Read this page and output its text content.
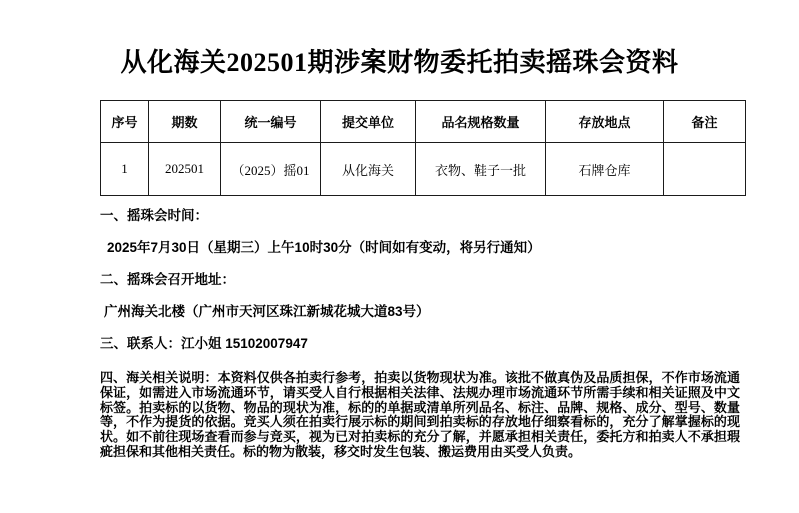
从化海关202501期涉案财物委托拍卖摇珠会资料
序号	期数	统一编号	提交单位	品名规格数量	存放地点	备注
1	202501	（2025）摇01	从化海关	衣物、鞋子一批	石牌仓库	
一、摇珠会时间：
2025年7月30日（星期三）上午10时30分（时间如有变动，将另行通知）
二、摇珠会召开地址：
广州海关北楼（广州市天河区珠江新城花城大道83号）
三、联系人：江小姐 15102007947

四、海关相关说明：本资料仅供各拍卖行参考，拍卖以货物现状为准。该批不做真伪及品质担保，不作市场流通保证，如需进入市场流通环节，请买受人自行根据相关法律、法规办理市场流通环节所需手续和相关证照及中文标签。拍卖标的以货物、物品的现状为准，标的的单据或清单所列品名、标注、品牌、规格、成分、型号、数量等，不作为提货的依据。竞买人须在拍卖行展示标的期间到拍卖标的存放地仔细察看标的，充分了解掌握标的现状。如不前往现场查看而参与竞买，视为已对拍卖标的充分了解，并愿承担相关责任，委托方和拍卖人不承担瑕疵担保和其他相关责任。标的物为散装，移交时发生包装、搬运费用由买受人负责。
